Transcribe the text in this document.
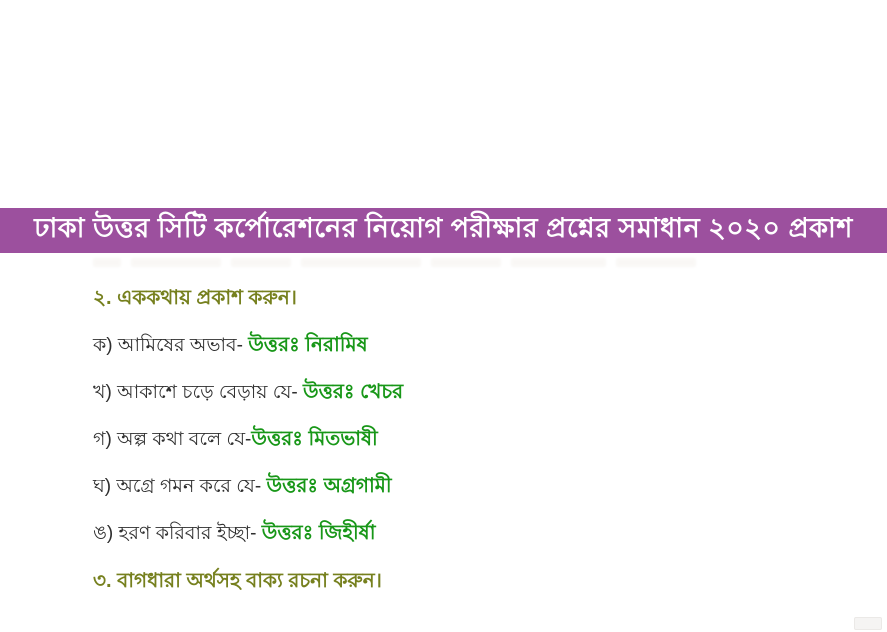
ঢাকা উত্তর সিটি কর্পোরেশনের নিয়োগ পরীক্ষার প্রশ্নের সমাধান ২০২০ প্রকাশ

২. এককথায় প্রকাশ করুন।

ক) আমিষের অভাব- উত্তরঃ নিরামিষ

খ) আকাশে চড়ে বেড়ায় যে- উত্তরঃ খেচর

গ) অল্প কথা বলে যে-উত্তরঃ মিতভাষী

ঘ) অগ্রে গমন করে যে- উত্তরঃ অগ্রগামী

ঙ) হরণ করিবার ইচ্ছা- উত্তরঃ জিহীর্ষা

৩. বাগধারা অর্থসহ বাক্য রচনা করুন।
